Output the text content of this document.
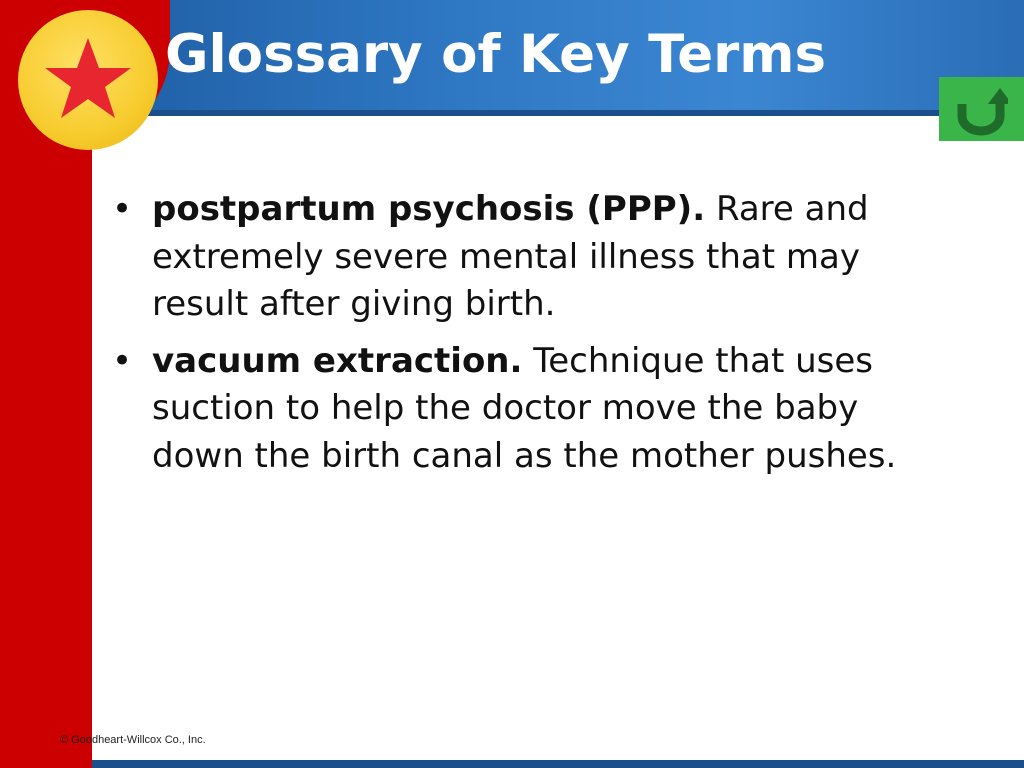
Glossary of Key Terms
• postpartum psychosis (PPP). Rare and extremely severe mental illness that may result after giving birth.
• vacuum extraction. Technique that uses suction to help the doctor move the baby down the birth canal as the mother pushes.
© Goodheart-Willcox Co., Inc.
